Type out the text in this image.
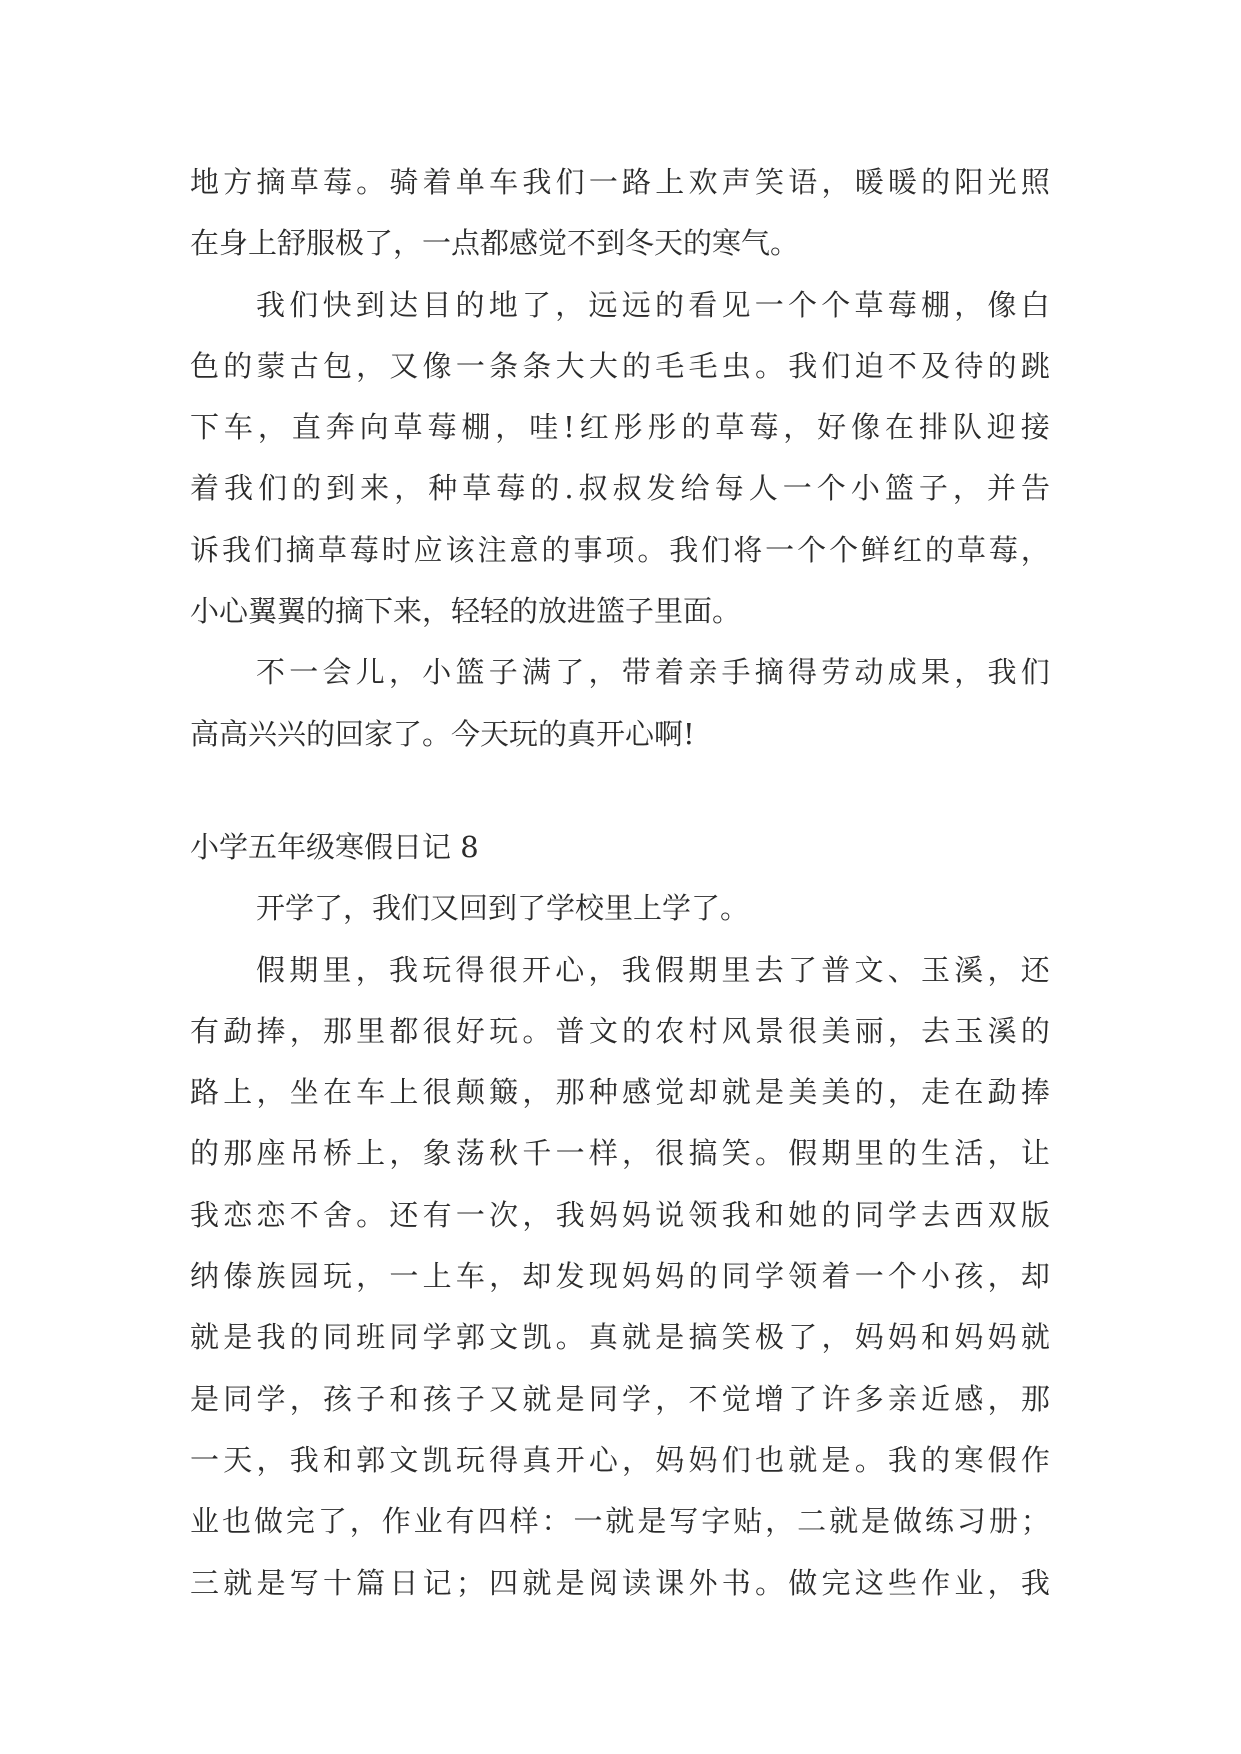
地 方 摘 草 莓 。 骑 着 单 车 我 们 一 路 上 欢 声 笑 语 ， 暖 暖 的 阳 光 照
在身上舒服极了，一点都感觉不到冬天的寒气。
我 们 快 到 达 目 的 地 了 ， 远 远 的 看 见 一 个 个 草 莓 棚 ， 像 白
色 的 蒙 古 包 ， 又 像 一 条 条 大 大 的 毛 毛 虫 。 我 们 迫 不 及 待 的 跳
下 车 ， 直 奔 向 草 莓 棚 ， 哇 ! 红 彤 彤 的 草 莓 ， 好 像 在 排 队 迎 接
着 我 们 的 到 来 ， 种 草 莓 的 . 叔 叔 发 给 每 人 一 个 小 篮 子 ， 并 告
诉 我 们 摘 草 莓 时 应 该 注 意 的 事 项 。 我 们 将 一 个 个 鲜 红 的 草 莓 ，
小心翼翼的摘下来，轻轻的放进篮子里面。
不 一 会 儿 ， 小 篮 子 满 了 ， 带 着 亲 手 摘 得 劳 动 成 果 ， 我 们
高高兴兴的回家了。今天玩的真开心啊!
小学五年级寒假日记 8
开学了，我们又回到了学校里上学了。
假 期 里 ， 我 玩 得 很 开 心 ， 我 假 期 里 去 了 普 文 、 玉 溪 ， 还
有 勐 捧 ， 那 里 都 很 好 玩 。 普 文 的 农 村 风 景 很 美 丽 ， 去 玉 溪 的
路 上 ， 坐 在 车 上 很 颠 簸 ， 那 种 感 觉 却 就 是 美 美 的 ， 走 在 勐 捧
的 那 座 吊 桥 上 ， 象 荡 秋 千 一 样 ， 很 搞 笑 。 假 期 里 的 生 活 ， 让
我 恋 恋 不 舍 。 还 有 一 次 ， 我 妈 妈 说 领 我 和 她 的 同 学 去 西 双 版
纳 傣 族 园 玩 ， 一 上 车 ， 却 发 现 妈 妈 的 同 学 领 着 一 个 小 孩 ， 却
就 是 我 的 同 班 同 学 郭 文 凯 。 真 就 是 搞 笑 极 了 ， 妈 妈 和 妈 妈 就
是 同 学 ， 孩 子 和 孩 子 又 就 是 同 学 ， 不 觉 增 了 许 多 亲 近 感 ， 那
一 天 ， 我 和 郭 文 凯 玩 得 真 开 心 ， 妈 妈 们 也 就 是 。 我 的 寒 假 作
业 也 做 完 了 ， 作 业 有 四 样 ： 一 就 是 写 字 贴 ， 二 就 是 做 练 习 册 ；
三 就 是 写 十 篇 日 记 ； 四 就 是 阅 读 课 外 书 。 做 完 这 些 作 业 ， 我
